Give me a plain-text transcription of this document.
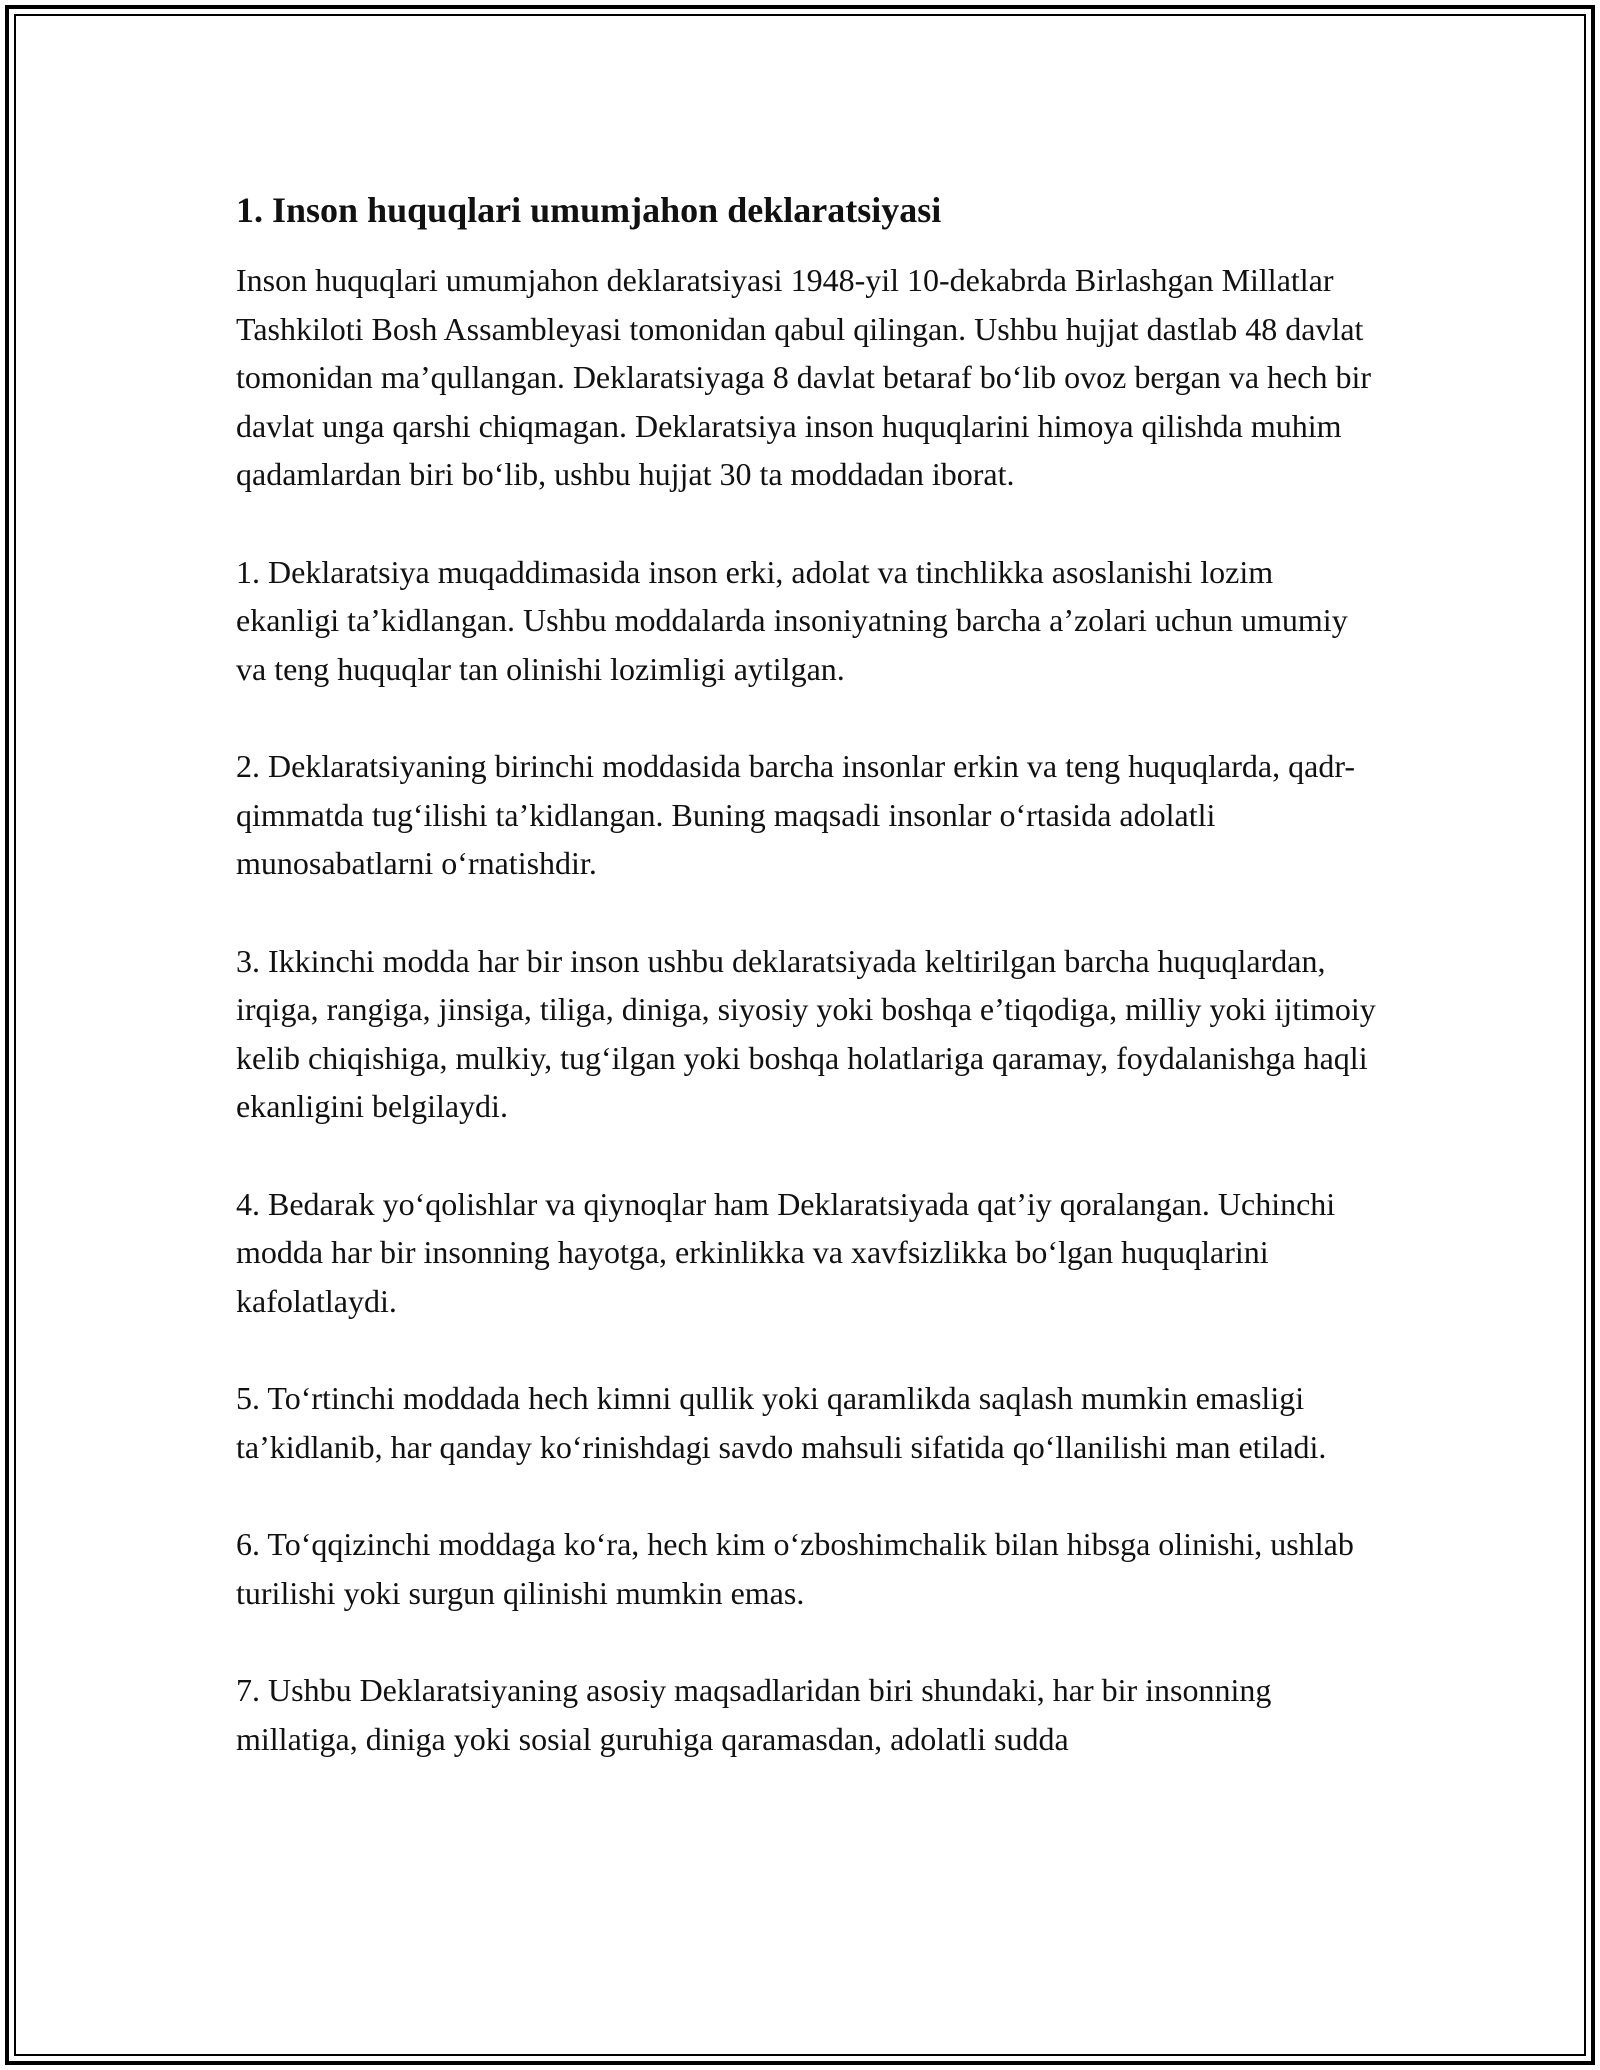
1. Inson huquqlari umumjahon deklaratsiyasi

Inson huquqlari umumjahon deklaratsiyasi 1948-yil 10-dekabrda Birlashgan Millatlar Tashkiloti Bosh Assambleyasi tomonidan qabul qilingan. Ushbu hujjat dastlab 48 davlat tomonidan ma’qullangan. Deklaratsiyaga 8 davlat betaraf bo‘lib ovoz bergan va hech bir davlat unga qarshi chiqmagan. Deklaratsiya inson huquqlarini himoya qilishda muhim qadamlardan biri bo‘lib, ushbu hujjat 30 ta moddadan iborat.

1. Deklaratsiya muqaddimasida inson erki, adolat va tinchlikka asoslanishi lozim ekanligi ta’kidlangan. Ushbu moddalarda insoniyatning barcha a’zolari uchun umumiy va teng huquqlar tan olinishi lozimligi aytilgan.

2. Deklaratsiyaning birinchi moddasida barcha insonlar erkin va teng huquqlarda, qadr-qimmatda tug‘ilishi ta’kidlangan. Buning maqsadi insonlar o‘rtasida adolatli munosabatlarni o‘rnatishdir.

3. Ikkinchi modda har bir inson ushbu deklaratsiyada keltirilgan barcha huquqlardan, irqiga, rangiga, jinsiga, tiliga, diniga, siyosiy yoki boshqa e’tiqodiga, milliy yoki ijtimoiy kelib chiqishiga, mulkiy, tug‘ilgan yoki boshqa holatlariga qaramay, foydalanishga haqli ekanligini belgilaydi.

4. Bedarak yo‘qolishlar va qiynoqlar ham Deklaratsiyada qat’iy qoralangan. Uchinchi modda har bir insonning hayotga, erkinlikka va xavfsizlikka bo‘lgan huquqlarini kafolatlaydi.

5. To‘rtinchi moddada hech kimni qullik yoki qaramlikda saqlash mumkin emasligi ta’kidlanib, har qanday ko‘rinishdagi savdo mahsuli sifatida qo‘llanilishi man etiladi.

6. To‘qqizinchi moddaga ko‘ra, hech kim o‘zboshimchalik bilan hibsga olinishi, ushlab turilishi yoki surgun qilinishi mumkin emas.

7. Ushbu Deklaratsiyaning asosiy maqsadlaridan biri shundaki, har bir insonning millatiga, diniga yoki sosial guruhiga qaramasdan, adolatli sudda
